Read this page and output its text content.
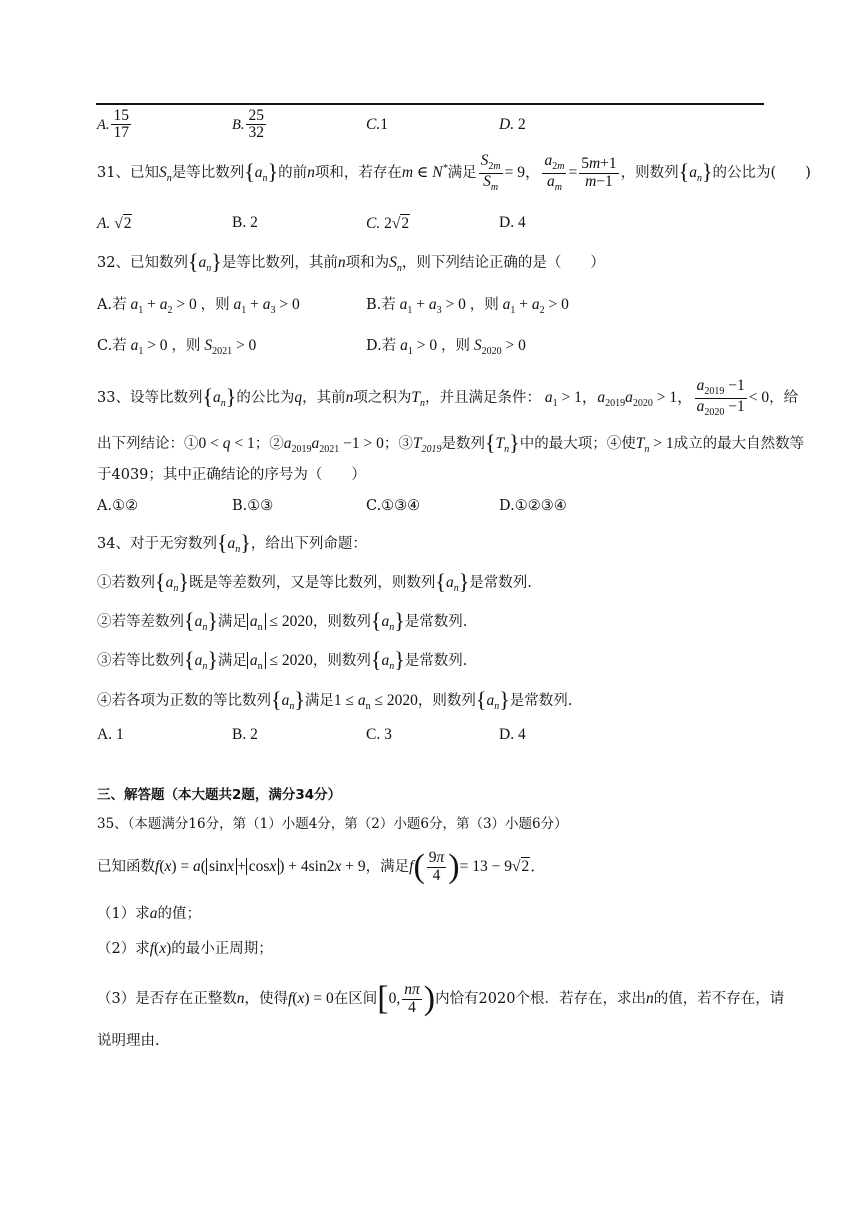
A. $\frac{15}{17}$	B. $\frac{25}{32}$	C.1	D. 2
31、已知$S_n$是等比数列$\{a_n\}$的前n项和，若存在m ∈ N*满足 $\frac{S_{2m}}{S_m} = 9$， $\frac{a_{2m}}{a_m} = \frac{5m+1}{m-1}$ ，则数列$\{a_n\}$的公比为(　　)
A. √2	B. 2	C. 2√2	D. 4
32、已知数列$\{a_n\}$是等比数列，其前n项和为$S_n$，则下列结论正确的是（　　）
A.若 $a_1 + a_2 > 0$ ，则 $a_1 + a_3 > 0$	B.若 $a_1 + a_3 > 0$ ，则 $a_1 + a_2 > 0$
C.若 $a_1 > 0$ ，则 $S_{2021} > 0$	D.若 $a_1 > 0$ ，则 $S_{2020} > 0$
33、设等比数列$\{a_n\}$的公比为q，其前n项之积为$T_n$，并且满足条件： $a_1 > 1$，$a_{2019}a_{2020} > 1$， $\frac{a_{2019} -1}{a_{2020} -1} < 0$，给
出下列结论：①0 < q < 1；$②a_{2019}a_{2021} -1 > 0$；$③T_{2019}$是数列$\{T_n\}$中的最大项；④使$T_n > 1$成立的最大自然数等
于4039；其中正确结论的序号为（　　）
A.①②	B.①③	C.①③④	D.①②③④
34、对于无穷数列$\{a_n\}$，给出下列命题：
①若数列$\{a_n\}$既是等差数列，又是等比数列，则数列$\{a_n\}$是常数列.
②若等差数列$\{a_n\}$满足 $a_n \le 2020$，则数列$\{a_n\}$是常数列.
③若等比数列$\{a_n\}$满足 $a_n \le 2020$，则数列$\{a_n\}$是常数列.
④若各项为正数的等比数列$\{a_n\}$满足$1 \le a_n \le 2020$，则数列$\{a_n\}$是常数列.
A. 1	B. 2	C. 3	D. 4
三、解答题（本大题共2题，满分34分）
35、（本题满分16分，第（1）小题4分，第（2）小题6分，第（3）小题6分）
已知函数f(x) = a( sinx + cosx ) + 4sin2x + 9，满足$f( \frac{9\pi}{4}$ )= 13 − 9√2．
（1）求a的值；
（2）求f(x)的最小正周期；
（3）是否存在正整数n，使得f(x) = 0在区间[0, $\frac{n\pi}{4}$ )内恰有2020个根．若存在，求出n的值，若不存在，请
说明理由.
